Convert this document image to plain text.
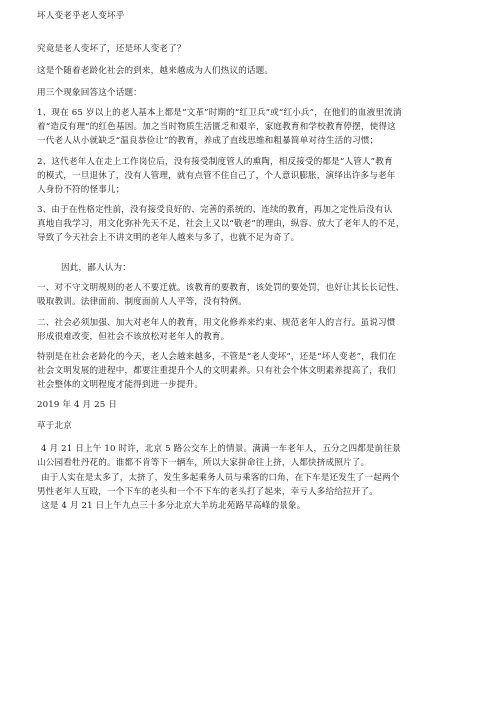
坏人变老乎老人变坏乎
究竟是老人变坏了，还是坏人变老了？
这是个随着老龄化社会的到来，越来越成为人们热议的话题。
用三个现象回答这个话题：
1、现在 65 岁以上的老人基本上都是“文革”时期的“红卫兵”或“红小兵”，在他们的血液里流淌
着“造反有理”的红色基因。加之当时物质生活匮乏和艰辛，家庭教育和学校教育停摆，使得这
一代老人从小就缺乏“温良恭俭让”的教育，养成了直线思维和粗暴简单对待生活的习惯；
2、这代老年人在走上工作岗位后，没有接受制度管人的熏陶，相反接受的都是“人管人”教育
的模式，一旦退休了，没有人管理，就有点管不住自己了，个人意识膨胀，演绎出许多与老年
人身份不符的怪事儿；
3、由于在性格定性前，没有接受良好的、完善的系统的、连续的教育，再加之定性后没有认
真地自我学习，用文化弥补先天不足，社会上又以“敬老”的理由，纵容、放大了老年人的不足，
导致了今天社会上不讲文明的老年人越来与多了，也就不足为奇了。
因此，鄙人认为：
一、对不守文明规则的老人不要迁就。该教育的要教育，该处罚的要处罚，也好让其长长记性、
吸取教训。法律面前、制度面前人人平等，没有特例。
二、社会必须加强、加大对老年人的教育，用文化修养来约束、规范老年人的言行。虽说习惯
形成很难改变，但社会不该放松对老年人的教育。
特别是在社会老龄化的今天，老人会越来越多，不管是“老人变坏”，还是“坏人变老”，我们在
社会文明发展的进程中，都要注重提升个人的文明素养。只有社会个体文明素养提高了，我们
社会整体的文明程度才能得到进一步提升。
2019 年 4 月 25 日
草于北京
4 月 21 日上午 10 时许，北京 5 路公交车上的情景。满满一车老年人，五分之四都是前往景
山公园看牡丹花的。谁都不肯等下一辆车，所以大家拼命往上挤，人都快挤成照片了。
由于人实在是太多了，太挤了，发生多起乘务人员与乘客的口角，在下车是还发生了一起两个
男性老年人互殴，一个下车的老头和一个不下车的老头打了起来，幸亏人多给给拉开了。
这是 4 月 21 日上午九点三十多分北京大羊坊北苑路早高峰的景象。
